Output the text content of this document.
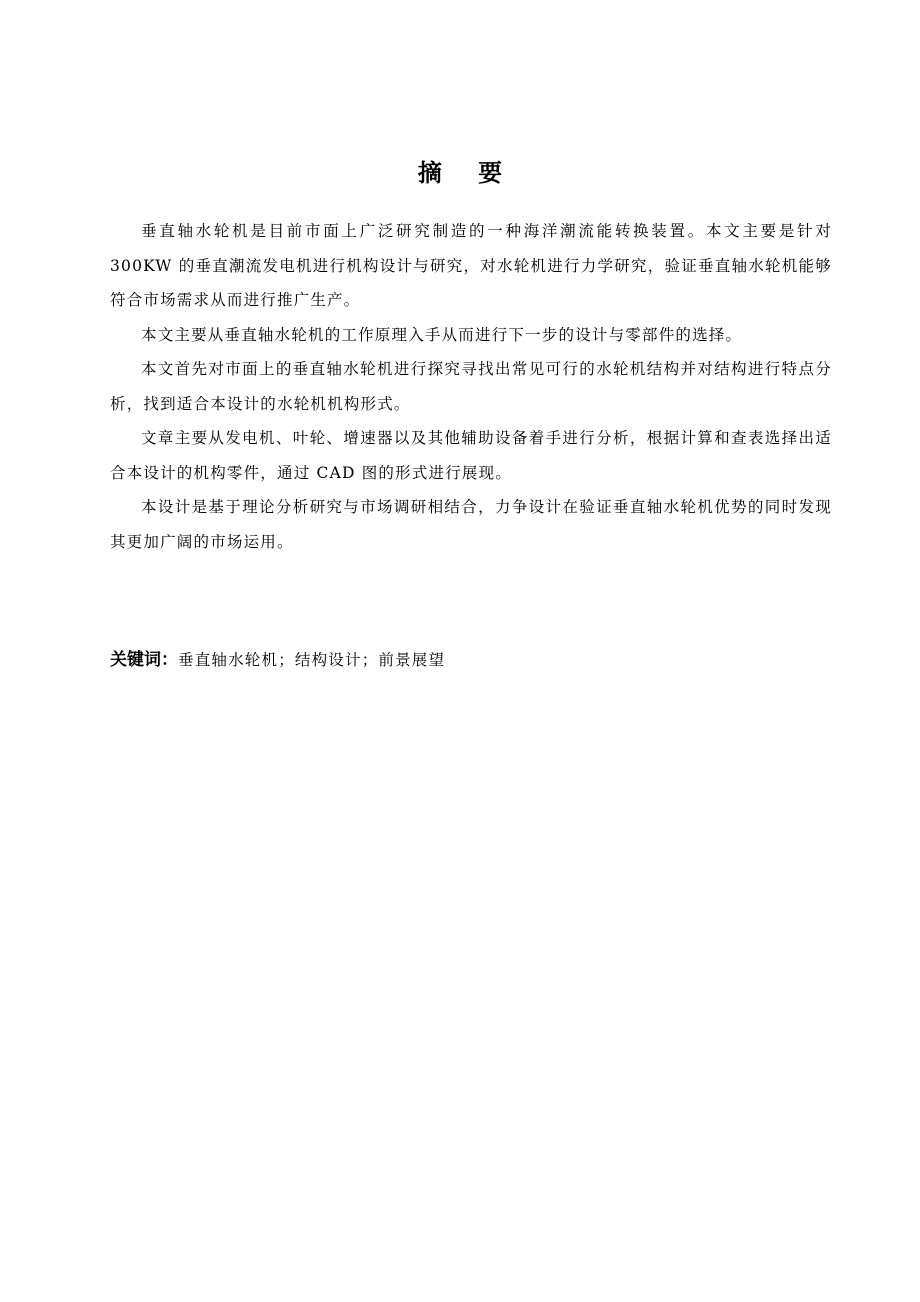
摘 要

垂直轴水轮机是目前市面上广泛研究制造的一种海洋潮流能转换装置。本文主要是针对 300KW 的垂直潮流发电机进行机构设计与研究，对水轮机进行力学研究，验证垂直轴水轮机能够符合市场需求从而进行推广生产。

本文主要从垂直轴水轮机的工作原理入手从而进行下一步的设计与零部件的选择。

本文首先对市面上的垂直轴水轮机进行探究寻找出常见可行的水轮机结构并对结构进行特点分析，找到适合本设计的水轮机机构形式。

文章主要从发电机、叶轮、增速器以及其他辅助设备着手进行分析，根据计算和查表选择出适合本设计的机构零件，通过 CAD 图的形式进行展现。

本设计是基于理论分析研究与市场调研相结合，力争设计在验证垂直轴水轮机优势的同时发现其更加广阔的市场运用。

关键词：垂直轴水轮机；结构设计；前景展望
